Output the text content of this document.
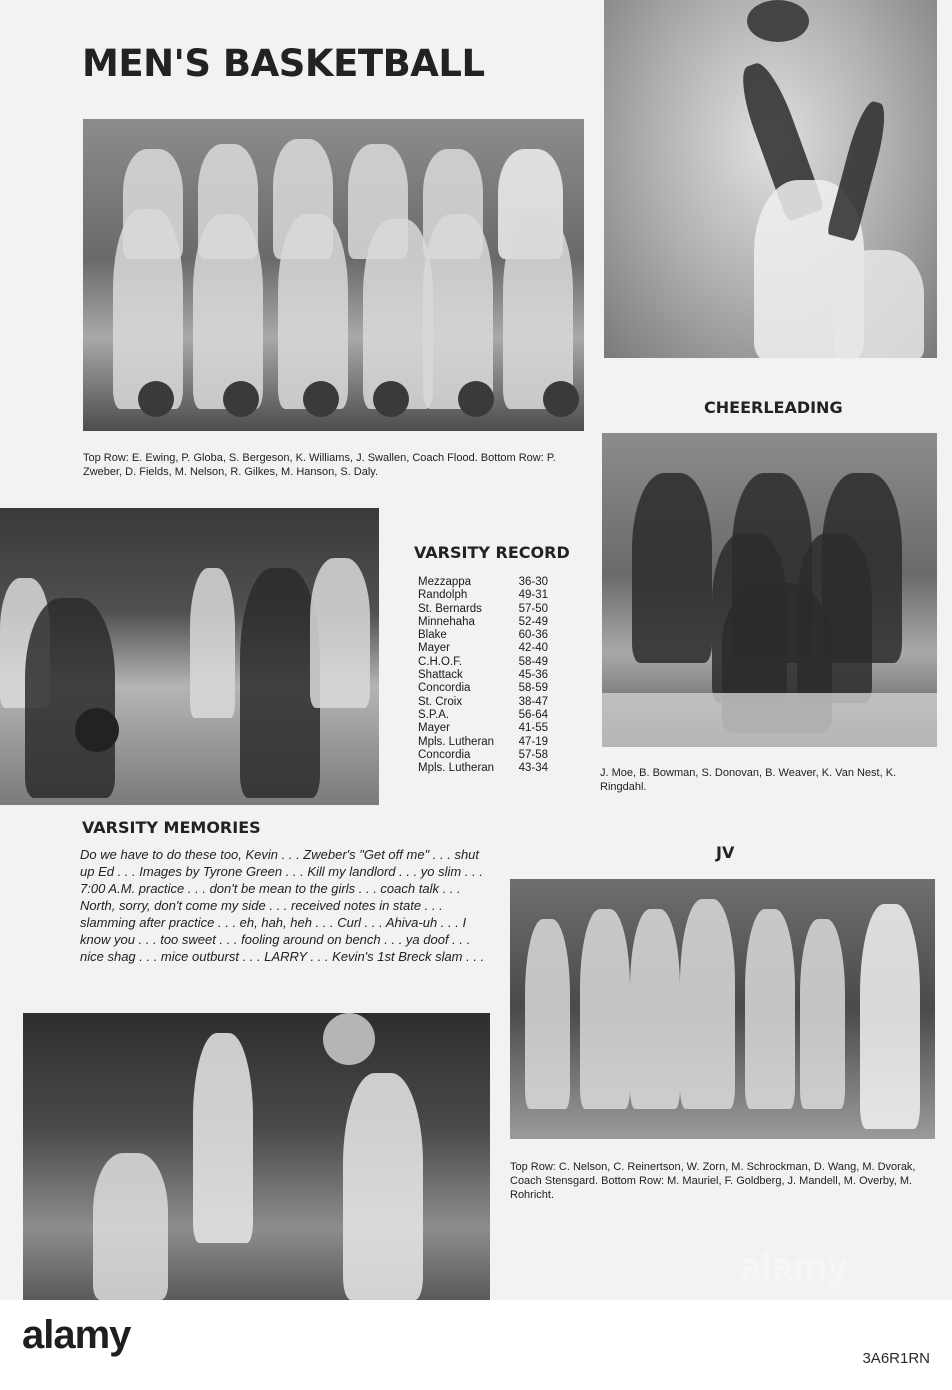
MEN'S BASKETBALL
Top Row: E. Ewing, P. Globa, S. Bergeson, K. Williams, J. Swallen, Coach Flood. Bottom Row: P. Zweber, D. Fields, M. Nelson, R. Gilkes, M. Hanson, S. Daly.
CHEERLEADING
J. Moe, B. Bowman, S. Donovan, B. Weaver, K. Van Nest, K. Ringdahl.
VARSITY RECORD
Mezzappa	36-30
Randolph	49-31
St. Bernards	57-50
Minnehaha	52-49
Blake	60-36
Mayer	42-40
C.H.O.F.	58-49
Shattack	45-36
Concordia	58-59
St. Croix	38-47
S.P.A.	56-64
Mayer	41-55
Mpls. Lutheran 47-19
Concordia	57-58
Mpls. Lutheran 43-34
VARSITY MEMORIES
Do we have to do these too, Kevin . . . Zweber's "Get off me" . . . shut up Ed . . . Images by Tyrone Green . . . Kill my landlord . . . yo slim . . . 7:00 A.M. practice . . . don't be mean to the girls . . . coach talk . . . North, sorry, don't come my side . . . received notes in state . . . slamming after practice . . . eh, hah, heh . . . Curl . . . Ahiva-uh . . . I know you . . . too sweet . . . fooling around on bench . . . ya doof . . . nice shag . . . mice outburst . . . LARRY . . . Kevin's 1st Breck slam . . .
JV
Top Row: C. Nelson, C. Reinertson, W. Zorn, M. Schrockman, D. Wang, M. Dvorak, Coach Stensgard. Bottom Row: M. Mauriel, F. Goldberg, J. Mandell, M. Overby, M. Rohricht.
alamy
alamy
3A6R1RN
